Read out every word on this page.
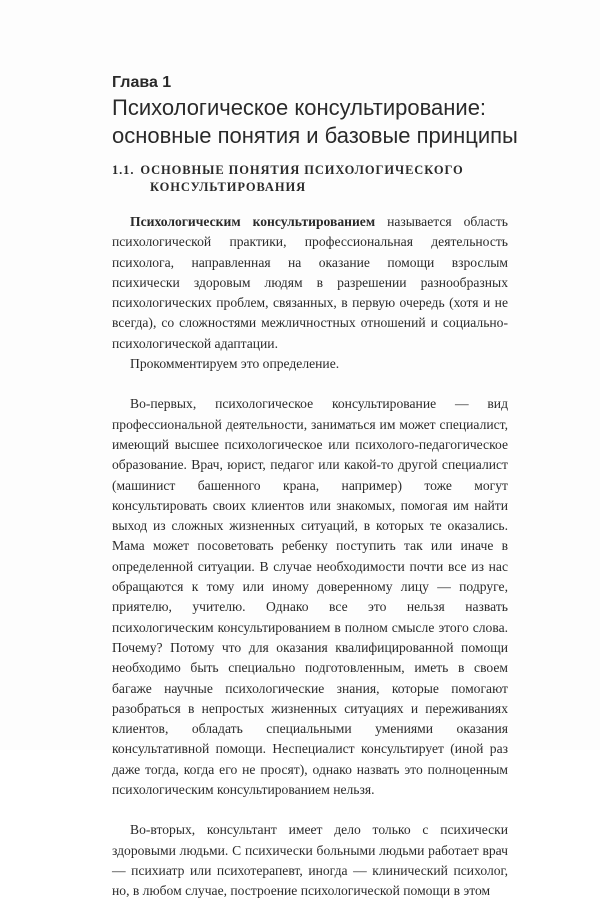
Глава 1
Психологическое консультирование:
основные понятия и базовые принципы
1.1. ОСНОВНЫЕ ПОНЯТИЯ ПСИХОЛОГИЧЕСКОГО
КОНСУЛЬТИРОВАНИЯ

Психологическим консультированием называется область психологической практики, профессиональная деятельность психолога, направленная на оказание помощи взрослым психически здоровым людям в разрешении разнообразных психологических проблем, связанных, в первую очередь (хотя и не всегда), со сложностями межличностных отношений и социально-психологической адаптации.

Прокомментируем это определение.

Во-первых, психологическое консультирование — вид профессиональной деятельности, заниматься им может специалист, имеющий высшее психологическое или психолого-педагогическое образование. Врач, юрист, педагог или какой-то другой специалист (машинист башенного крана, например) тоже могут консультировать своих клиентов или знакомых, помогая им найти выход из сложных жизненных ситуаций, в которых те оказались. Мама может посоветовать ребенку поступить так или иначе в определенной ситуации. В случае необходимости почти все из нас обращаются к тому или иному доверенному лицу — подруге, приятелю, учителю. Однако все это нельзя назвать психологическим консультированием в полном смысле этого слова. Почему? Потому что для оказания квалифицированной помощи необходимо быть специально подготовленным, иметь в своем багаже научные психологические знания, которые помогают разобраться в непростых жизненных ситуациях и переживаниях клиентов, обладать специальными умениями оказания консультативной помощи. Неспециалист консультирует (иной раз даже тогда, когда его не просят), однако назвать это полноценным психологическим консультированием нельзя.

Во-вторых, консультант имеет дело только с психически здоровыми людьми. С психически больными людьми работает врач — психиатр или психотерапевт, иногда — клинический психолог, но, в любом случае, построение психологической помощи в этом
